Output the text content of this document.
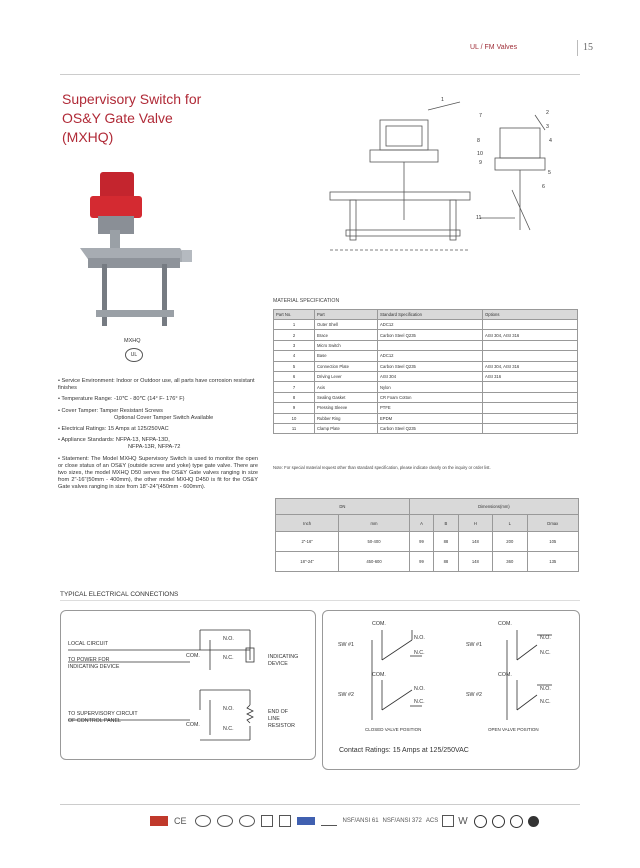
UL / FM Valves	15
Supervisory Switch for
OS&Y Gate Valve
(MXHQ)
MXHQ
UL

• Service Environment: Indoor or Outdoor use, all parts have corrosion resistant finishes

• Temperature Range: -10℃ - 80℃ (14° F- 176° F)

• Cover Tamper: Tamper Resistant Screws
Optional Cover Tamper Switch Available

• Electrical Ratings: 15 Amps at 125/250VAC

• Appliance Standards: NFPA-13, NFPA-13D,
NFPA-13R, NFPA-72

• Statement: The Model MXHQ Supervisory Switch is used to monitor the open or close status of an OS&Y (outside screw and yoke) type gate valve. There are two sizes, the model MXHQ D50 serves the OS&Y Gate valves ranging in size from 2"-16"(50mm - 400mm), the other model MXHQ D450 is fit for the OS&Y Gate valves ranging in size from 18"-24"(450mm - 600mm).

1
2
3
4
5
6
7
8
9
10
11
MATERIAL SPECIFICATION
Part No.	Part	Standard Specification	Options
1	Outer Shell	ADC12	
2	Brace	Carbon Steel Q235	AISI 304, AISI 316
3	Micro Switch		
4	Base	ADC12	
5	Connection Plate	Carbon Steel Q235	AISI 304, AISI 316
6	Driving Lever	AISI 304	AISI 316
7	Axis	Nylon	
8	Sealing Gasket	CR Foam Cotton	
9	Pressing Sleeve	PTFE	
10	Rubber Ring	EPDM	
11	Clamp Plate	Carbon Steel Q235	
Note: For special material request other than standard specification, please indicate clearly on the inquiry or order list.
DN		Dimensions(mm)				
Inch	mm	A	B	H	L	Dmax
2"-16"	50-400	99	88	148	200	105
18"-24"	450-600	99	88	148	360	135
TYPICAL ELECTRICAL CONNECTIONS
LOCAL CIRCUIT
TO POWER FOR
INDICATING DEVICE
TO SUPERVISORY CIRCUIT
OF CONTROL PANEL
N.O.
N.C.
COM.	INDICATING
DEVICE
N.O.
N.C.
COM.
END OF
LINE
RESISTOR
COM.
N.O.
N.C.
SW #1
COM.
N.O.
N.C.
SW #2
COM.
N.O.
N.C.
SW #1
COM.
N.O.
N.C.
SW #2
CLOSED VALVE POSITION	OPEN VALVE POSITION
Contact Ratings: 15 Amps at 125/250VAC
CE	NSF/ANSI 61 NSF/ANSI 372 ACS W
